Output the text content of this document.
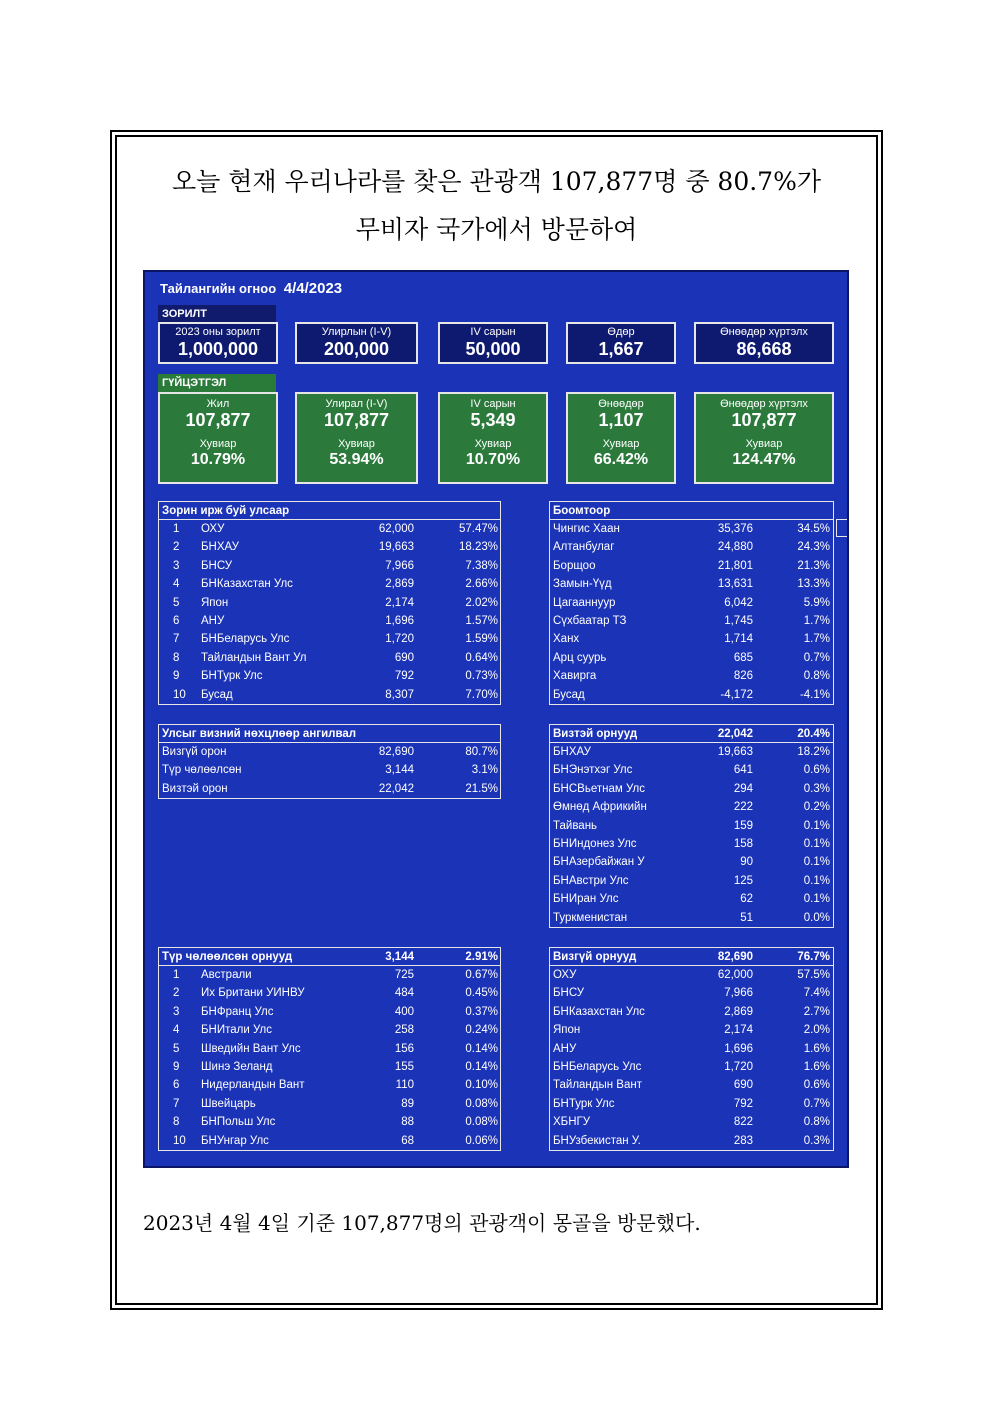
오늘 현재 우리나라를 찾은 관광객 107,877명 중 80.7%가
무비자 국가에서 방문하여
Тайлангийн огноо 4/4/2023
ЗОРИЛТ
2023 оны зорилт
1,000,000
Улирлын (I-V)
200,000
IV сарын
50,000
Өдөр
1,667
Өнөөдөр хүртэлх
86,668
ГҮЙЦЭТГЭЛ
Жил
107,877
Хувиар
10.79%
Улирал (I-V)
107,877
Хувиар
53.94%
IV сарын
5,349
Хувиар
10.70%
Өнөөдөр
1,107
Хувиар
66.42%
Өнөөдөр хүртэлх
107,877
Хувиар
124.47%
Зорин ирж буй улсаар
1 ОХУ	62,000	57.47%
2 БНХАУ	19,663	18.23%
3 БНСУ	7,966	7.38%
4 БНКазахстан Улс	2,869	2.66%
5 Япон	2,174	2.02%
6 АНУ	1,696	1.57%
7 БНБеларусь Улс	1,720	1.59%
8 Тайландын Вант Ул	690	0.64%
9 БНТурк Улс	792	0.73%
10 Бусад	8,307	7.70%
Боомтоор
Чингис Хаан	35,376	34.5%
Алтанбулаг	24,880	24.3%
Борщоо	21,801	21.3%
Замын-Үүд	13,631	13.3%
Цагааннуур	6,042	5.9%
Сүхбаатар ТЗ	1,745	1.7%
Ханх	1,714	1.7%
Арц суурь	685	0.7%
Хавирга	826	0.8%
Бусад	-4,172	-4.1%
Улсыг визний нөхцлөөр ангилвал
Визгүй орон	82,690	80.7%
Түр чөлөөлсөн	3,144	3.1%
Визтэй орон	22,042	21.5%
Визтэй орнууд	22,042	20.4%
БНХАУ	19,663	18.2%
БНЭнэтхэг Улс	641	0.6%
БНСВьетнам Улс	294	0.3%
Өмнөд Африкийн	222	0.2%
Тайвань	159	0.1%
БНИндонез Улс	158	0.1%
БНАзербайжан У	90	0.1%
БНАвстри Улс	125	0.1%
БНИран Улс	62	0.1%
Туркменистан	51	0.0%
Түр чөлөөлсөн орнууд	3,144	2.91%
1 Австрали	725	0.67%
2 Их Британи УИНВУ	484	0.45%
3 БНФранц Улс	400	0.37%
4 БНИтали Улс	258	0.24%
5 Шведийн Вант Улс	156	0.14%
9 Шинэ Зеланд	155	0.14%
6 Нидерландын Вант	110	0.10%
7 Швейцарь	89	0.08%
8 БНПольш Улс	88	0.08%
10 БНУнгар Улс	68	0.06%
Визгүй орнууд	82,690	76.7%
ОХУ	62,000	57.5%
БНСУ	7,966	7.4%
БНКазахстан Улс	2,869	2.7%
Япон	2,174	2.0%
АНУ	1,696	1.6%
БНБеларусь Улс	1,720	1.6%
Тайландын Вант	690	0.6%
БНТурк Улс	792	0.7%
ХБНГУ	822	0.8%
БНУзбекистан У.	283	0.3%
2023년 4월 4일 기준 107,877명의 관광객이 몽골을 방문했다.
